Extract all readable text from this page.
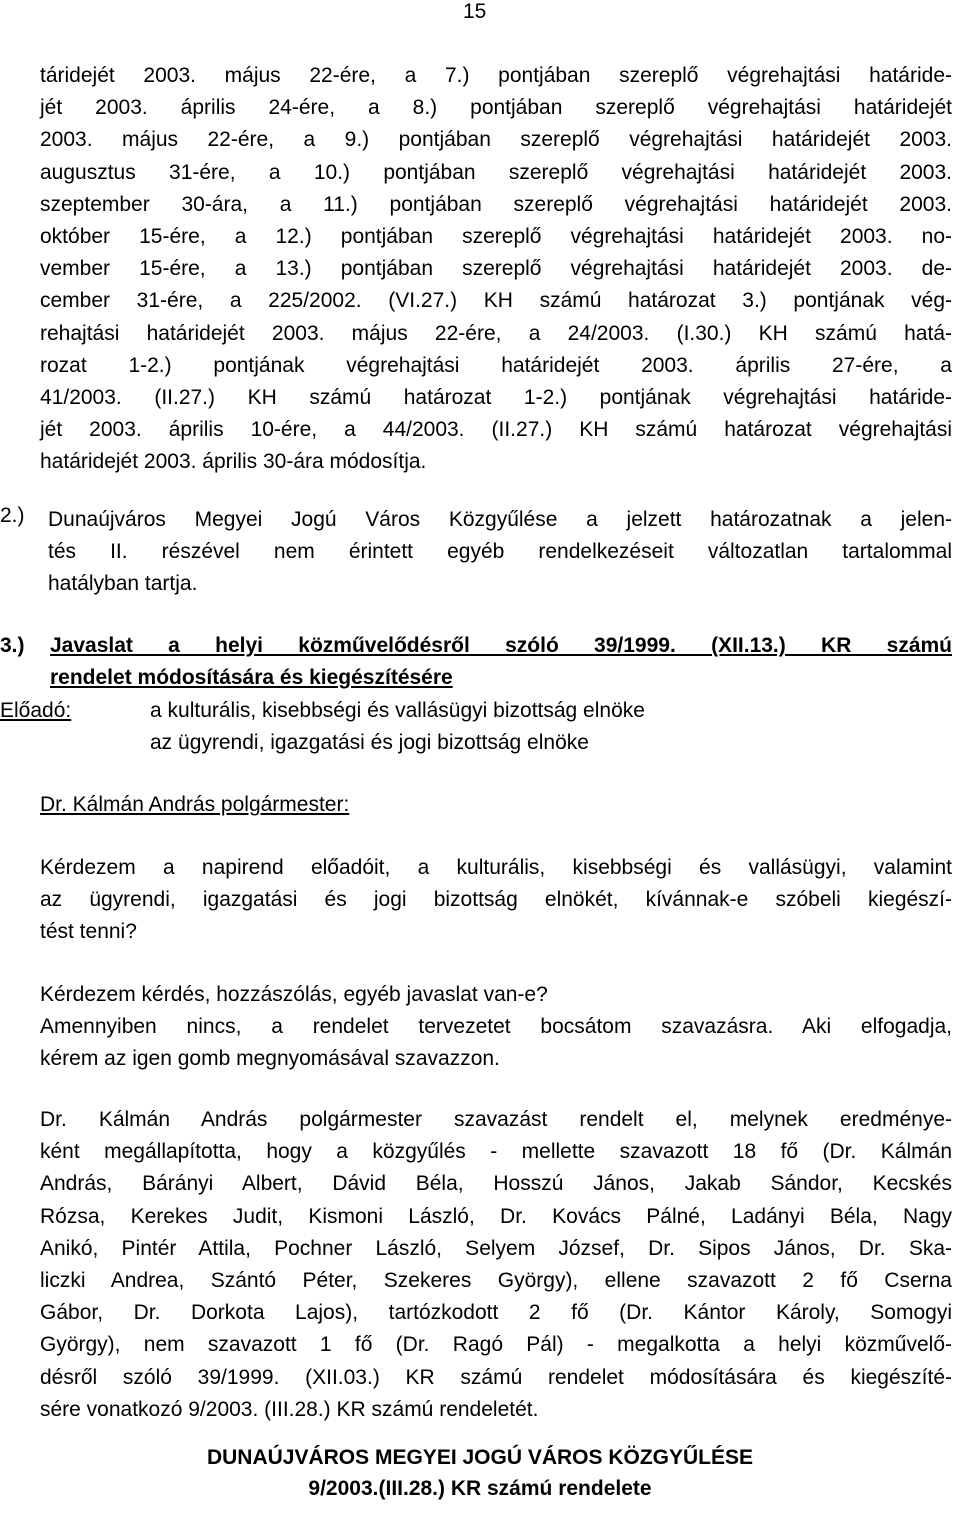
15
táridejét 2003. május 22-ére, a 7.) pontjában szereplő végrehajtási határide-
jét 2003. április 24-ére, a 8.) pontjában szereplő végrehajtási határidejét
2003. május 22-ére, a 9.) pontjában szereplő végrehajtási határidejét 2003.
augusztus 31-ére, a 10.) pontjában szereplő végrehajtási határidejét 2003.
szeptember 30-ára, a 11.) pontjában szereplő végrehajtási határidejét 2003.
október 15-ére, a 12.) pontjában szereplő végrehajtási határidejét 2003. no-
vember 15-ére, a 13.) pontjában szereplő végrehajtási határidejét 2003. de-
cember 31-ére, a 225/2002. (VI.27.) KH számú határozat 3.) pontjának vég-
rehajtási határidejét 2003. május 22-ére, a 24/2003. (I.30.) KH számú hatá-
rozat 1-2.) pontjának végrehajtási határidejét 2003. április 27-ére, a
41/2003. (II.27.) KH számú határozat 1-2.) pontjának végrehajtási határide-
jét 2003. április 10-ére, a 44/2003. (II.27.) KH számú határozat végrehajtási
határidejét 2003. április 30-ára módosítja.
2.) Dunaújváros Megyei Jogú Város Közgyűlése a jelzett határozatnak a jelen-
tés II. részével nem érintett egyéb rendelkezéseit változatlan tartalommal
hatályban tartja.
3.) Javaslat a helyi közművelődésről szóló 39/1999. (XII.13.) KR számú
rendelet módosítására és kiegészítésére
Előadó:	a kulturális, kisebbségi és vallásügyi bizottság elnöke
az ügyrendi, igazgatási és jogi bizottság elnöke
Dr. Kálmán András polgármester:
Kérdezem a napirend előadóit, a kulturális, kisebbségi és vallásügyi, valamint
az ügyrendi, igazgatási és jogi bizottság elnökét, kívánnak-e szóbeli kiegészí-
tést tenni?
Kérdezem kérdés, hozzászólás, egyéb javaslat van-e?
Amennyiben nincs, a rendelet tervezetet bocsátom szavazásra. Aki elfogadja,
kérem az igen gomb megnyomásával szavazzon.
Dr. Kálmán András polgármester szavazást rendelt el, melynek eredménye-
ként megállapította, hogy a közgyűlés - mellette szavazott 18 fő (Dr. Kálmán
András, Bárányi Albert, Dávid Béla, Hosszú János, Jakab Sándor, Kecskés
Rózsa, Kerekes Judit, Kismoni László, Dr. Kovács Pálné, Ladányi Béla, Nagy
Anikó, Pintér Attila, Pochner László, Selyem József, Dr. Sipos János, Dr. Ska-
liczki Andrea, Szántó Péter, Szekeres György), ellene szavazott 2 fő Cserna
Gábor, Dr. Dorkota Lajos), tartózkodott 2 fő (Dr. Kántor Károly, Somogyi
György), nem szavazott 1 fő (Dr. Ragó Pál) - megalkotta a helyi közművelő-
désről szóló 39/1999. (XII.03.) KR számú rendelet módosítására és kiegészíté-
sére vonatkozó 9/2003. (III.28.) KR számú rendeletét.
DUNAÚJVÁROS MEGYEI JOGÚ VÁROS KÖZGYŰLÉSE
9/2003.(III.28.) KR számú rendelete
